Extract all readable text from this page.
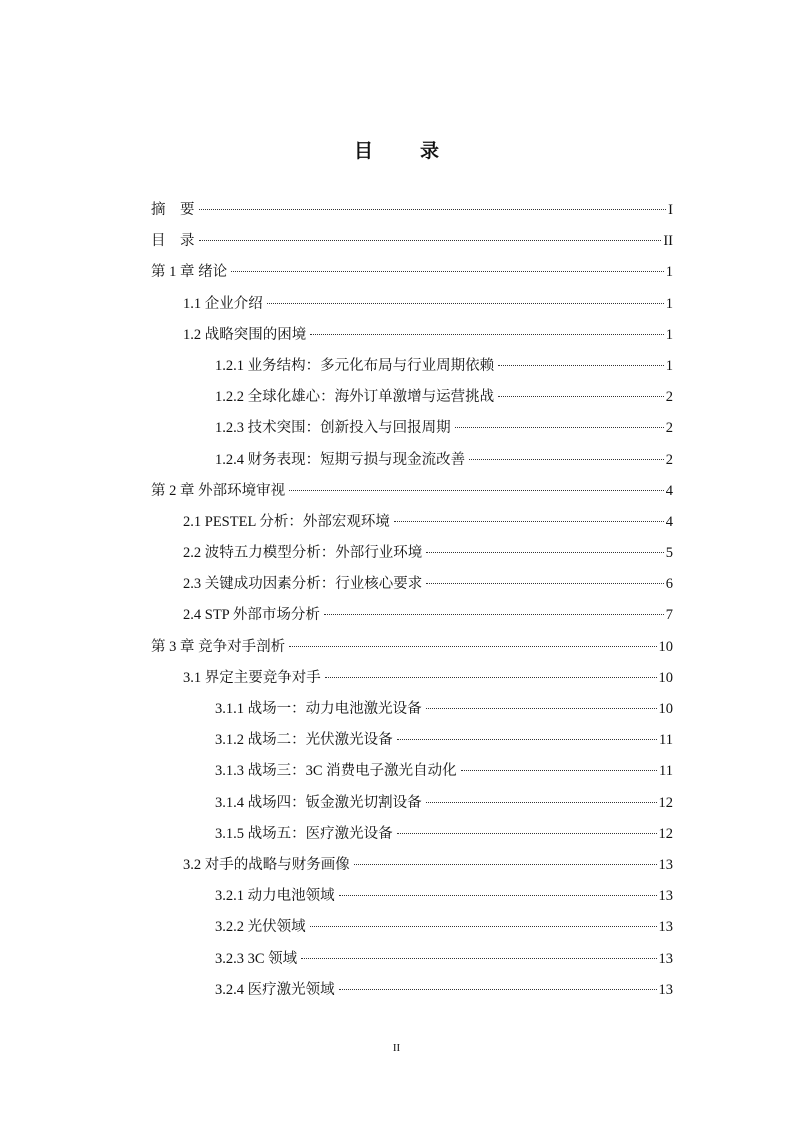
目　录
摘　要	I
目　录	II
第 1 章 绪论	1
1.1 企业介绍	1
1.2 战略突围的困境	1
1.2.1 业务结构：多元化布局与行业周期依赖	1
1.2.2 全球化雄心：海外订单激增与运营挑战	2
1.2.3 技术突围：创新投入与回报周期	2
1.2.4 财务表现：短期亏损与现金流改善	2
第 2 章 外部环境审视	4
2.1 PESTEL 分析：外部宏观环境	4
2.2 波特五力模型分析：外部行业环境	5
2.3 关键成功因素分析：行业核心要求	6
2.4 STP 外部市场分析	7
第 3 章 竞争对手剖析	10
3.1 界定主要竞争对手	10
3.1.1 战场一：动力电池激光设备	10
3.1.2 战场二：光伏激光设备	11
3.1.3 战场三：3C 消费电子激光自动化	11
3.1.4 战场四：钣金激光切割设备	12
3.1.5 战场五：医疗激光设备	12
3.2 对手的战略与财务画像	13
3.2.1 动力电池领域	13
3.2.2 光伏领域	13
3.2.3 3C 领域	13
3.2.4 医疗激光领域	13
II
